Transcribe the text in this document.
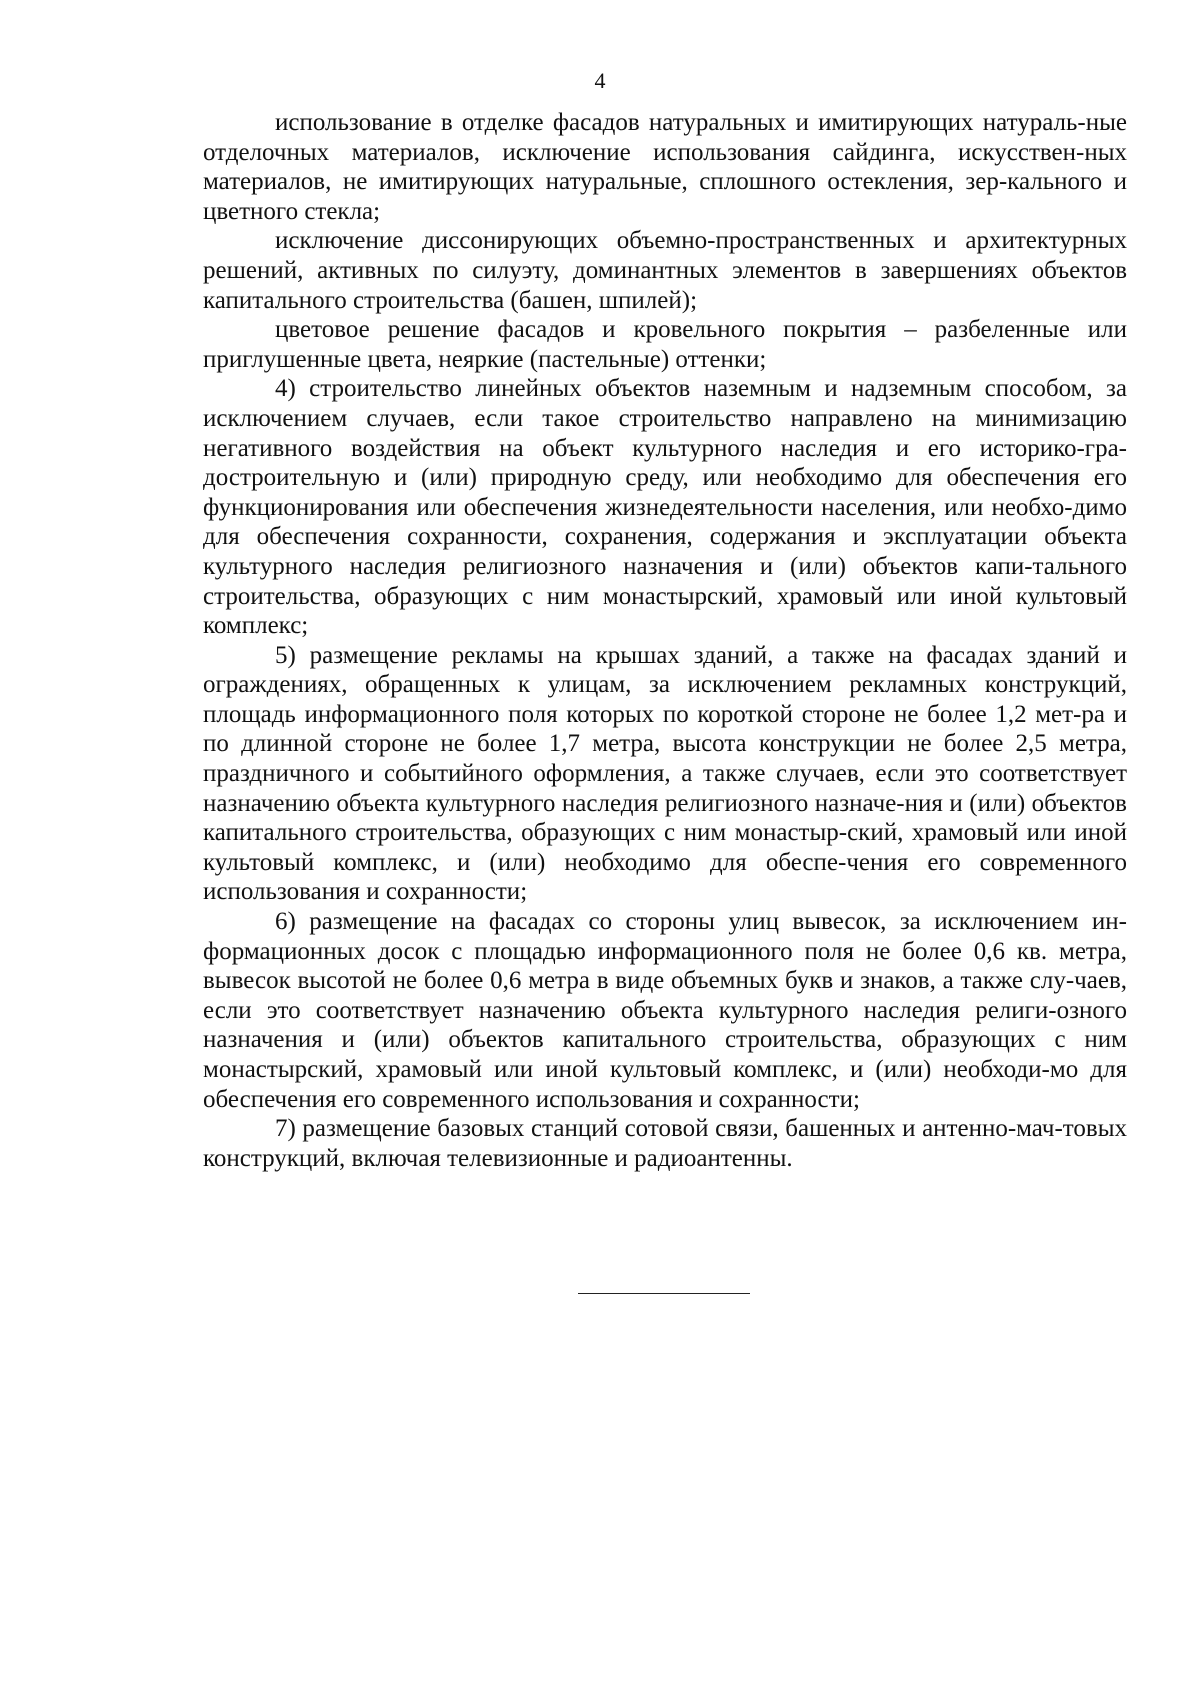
4

использование в отделке фасадов натуральных и имитирующих натураль-ные отделочных материалов, исключение использования сайдинга, искусствен-ных материалов, не имитирующих натуральные, сплошного остекления, зер-кального и цветного стекла;

исключение диссонирующих объемно-пространственных и архитектурных решений, активных по силуэту, доминантных элементов в завершениях объектов капитального строительства (башен, шпилей);

цветовое решение фасадов и кровельного покрытия – разбеленные или приглушенные цвета, неяркие (пастельные) оттенки;

4) строительство линейных объектов наземным и надземным способом, за исключением случаев, если такое строительство направлено на минимизацию негативного воздействия на объект культурного наследия и его историко-гра-достроительную и (или) природную среду, или необходимо для обеспечения его функционирования или обеспечения жизнедеятельности населения, или необхо-димо для обеспечения сохранности, сохранения, содержания и эксплуатации объекта культурного наследия религиозного назначения и (или) объектов капи-тального строительства, образующих с ним монастырский, храмовый или иной культовый комплекс;

5) размещение рекламы на крышах зданий, а также на фасадах зданий и ограждениях, обращенных к улицам, за исключением рекламных конструкций, площадь информационного поля которых по короткой стороне не более 1,2 мет-ра и по длинной стороне не более 1,7 метра, высота конструкции не более 2,5 метра, праздничного и событийного оформления, а также случаев, если это соответствует назначению объекта культурного наследия религиозного назначе-ния и (или) объектов капитального строительства, образующих с ним монастыр-ский, храмовый или иной культовый комплекс, и (или) необходимо для обеспе-чения его современного использования и сохранности;

6) размещение на фасадах со стороны улиц вывесок, за исключением ин-формационных досок с площадью информационного поля не более 0,6 кв. метра, вывесок высотой не более 0,6 метра в виде объемных букв и знаков, а также слу-чаев, если это соответствует назначению объекта культурного наследия религи-озного назначения и (или) объектов капитального строительства, образующих с ним монастырский, храмовый или иной культовый комплекс, и (или) необходи-мо для обеспечения его современного использования и сохранности;

7) размещение базовых станций сотовой связи, башенных и антенно-мач-товых конструкций, включая телевизионные и радиоантенны.
